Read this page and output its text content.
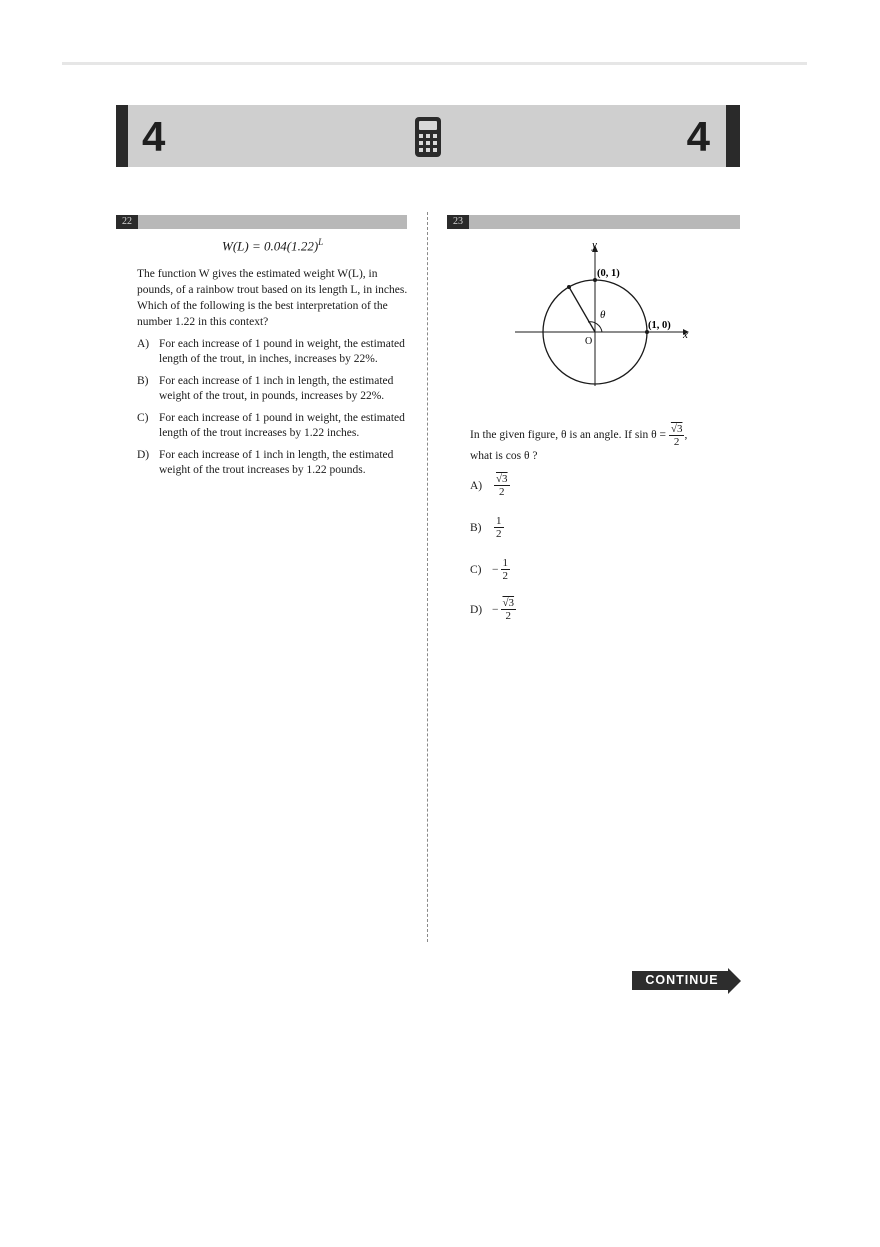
4	4
22
$W(L) = 0.04(1.22)^L$
The function W gives the estimated weight W(L), in pounds, of a rainbow trout based on its length L, in inches. Which of the following is the best interpretation of the number 1.22 in this context?
A) For each increase of 1 pound in weight, the estimated length of the trout, in inches, increases by 22%.
B) For each increase of 1 inch in length, the estimated weight of the trout, in pounds, increases by 22%.
C) For each increase of 1 pound in weight, the estimated length of the trout increases by 1.22 inches.
D) For each increase of 1 inch in length, the estimated weight of the trout increases by 1.22 pounds.
23
y
x
(0, 1)
(1, 0)
O
θ
In the given figure, θ is an angle. If $\sin \theta = \frac{√3}{2}$ ,
what is cos θ ?
$A) \frac{√3}{2}$
$B) \frac{1}{2}$
$C) - \frac{1}{2}$
$D) - \frac{√3}{2}$
CONTINUE
